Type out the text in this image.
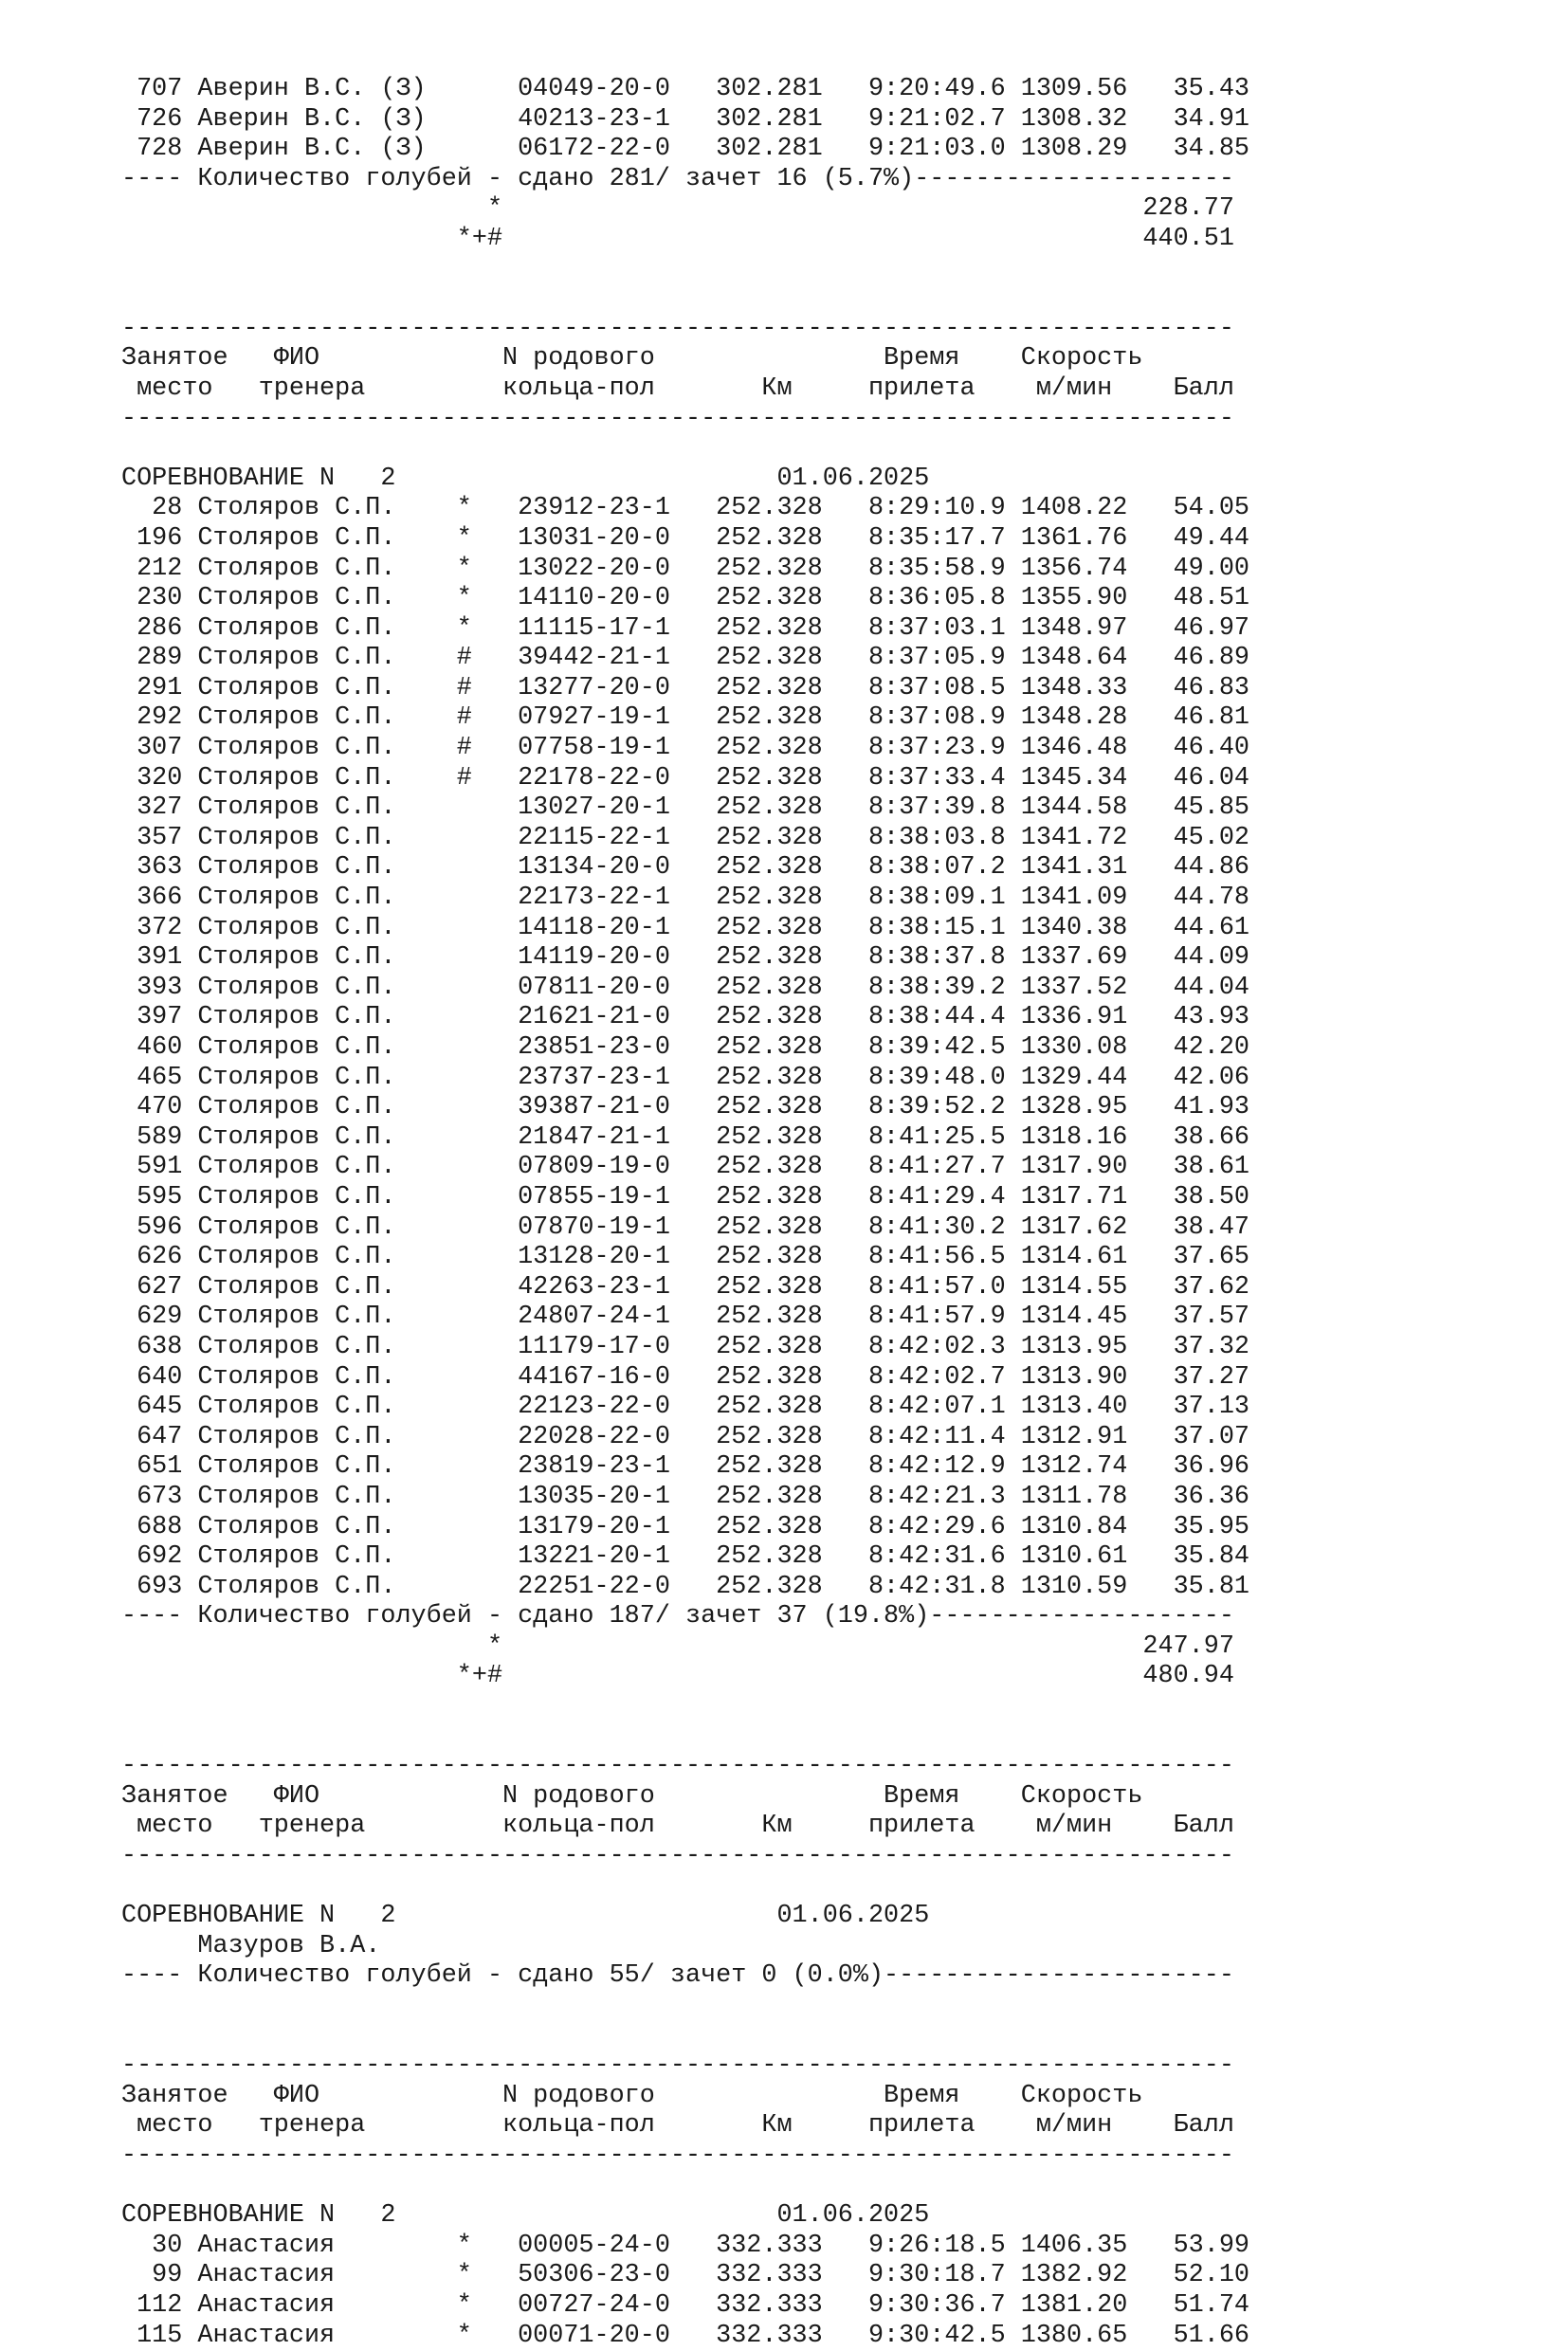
707 Аверин В.С. (З)      04049-20-0   302.281   9:20:49.6 1309.56   35.43
726 Аверин В.С. (З)      40213-23-1   302.281   9:21:02.7 1308.32   34.91
728 Аверин В.С. (З)      06172-22-0   302.281   9:21:03.0 1308.29   34.85
---- Количество голубей - сдано 281/ зачет 16 (5.7%)---------------------
*                                          228.77
*+#                                          440.51
-------------------------------------------------------------------------
Занятое   ФИО            N родового               Время    Скорость
место   тренера         кольца-пол       Км     прилета    м/мин    Балл
-------------------------------------------------------------------------
СОРЕВНОВАНИЕ N   2                         01.06.2025
28 Столяров С.П.    *   23912-23-1   252.328   8:29:10.9 1408.22   54.05
196 Столяров С.П.    *   13031-20-0   252.328   8:35:17.7 1361.76   49.44
212 Столяров С.П.    *   13022-20-0   252.328   8:35:58.9 1356.74   49.00
230 Столяров С.П.    *   14110-20-0   252.328   8:36:05.8 1355.90   48.51
286 Столяров С.П.    *   11115-17-1   252.328   8:37:03.1 1348.97   46.97
289 Столяров С.П.    #   39442-21-1   252.328   8:37:05.9 1348.64   46.89
291 Столяров С.П.    #   13277-20-0   252.328   8:37:08.5 1348.33   46.83
292 Столяров С.П.    #   07927-19-1   252.328   8:37:08.9 1348.28   46.81
307 Столяров С.П.    #   07758-19-1   252.328   8:37:23.9 1346.48   46.40
320 Столяров С.П.    #   22178-22-0   252.328   8:37:33.4 1345.34   46.04
327 Столяров С.П.        13027-20-1   252.328   8:37:39.8 1344.58   45.85
357 Столяров С.П.        22115-22-1   252.328   8:38:03.8 1341.72   45.02
363 Столяров С.П.        13134-20-0   252.328   8:38:07.2 1341.31   44.86
366 Столяров С.П.        22173-22-1   252.328   8:38:09.1 1341.09   44.78
372 Столяров С.П.        14118-20-1   252.328   8:38:15.1 1340.38   44.61
391 Столяров С.П.        14119-20-0   252.328   8:38:37.8 1337.69   44.09
393 Столяров С.П.        07811-20-0   252.328   8:38:39.2 1337.52   44.04
397 Столяров С.П.        21621-21-0   252.328   8:38:44.4 1336.91   43.93
460 Столяров С.П.        23851-23-0   252.328   8:39:42.5 1330.08   42.20
465 Столяров С.П.        23737-23-1   252.328   8:39:48.0 1329.44   42.06
470 Столяров С.П.        39387-21-0   252.328   8:39:52.2 1328.95   41.93
589 Столяров С.П.        21847-21-1   252.328   8:41:25.5 1318.16   38.66
591 Столяров С.П.        07809-19-0   252.328   8:41:27.7 1317.90   38.61
595 Столяров С.П.        07855-19-1   252.328   8:41:29.4 1317.71   38.50
596 Столяров С.П.        07870-19-1   252.328   8:41:30.2 1317.62   38.47
626 Столяров С.П.        13128-20-1   252.328   8:41:56.5 1314.61   37.65
627 Столяров С.П.        42263-23-1   252.328   8:41:57.0 1314.55   37.62
629 Столяров С.П.        24807-24-1   252.328   8:41:57.9 1314.45   37.57
638 Столяров С.П.        11179-17-0   252.328   8:42:02.3 1313.95   37.32
640 Столяров С.П.        44167-16-0   252.328   8:42:02.7 1313.90   37.27
645 Столяров С.П.        22123-22-0   252.328   8:42:07.1 1313.40   37.13
647 Столяров С.П.        22028-22-0   252.328   8:42:11.4 1312.91   37.07
651 Столяров С.П.        23819-23-1   252.328   8:42:12.9 1312.74   36.96
673 Столяров С.П.        13035-20-1   252.328   8:42:21.3 1311.78   36.36
688 Столяров С.П.        13179-20-1   252.328   8:42:29.6 1310.84   35.95
692 Столяров С.П.        13221-20-1   252.328   8:42:31.6 1310.61   35.84
693 Столяров С.П.        22251-22-0   252.328   8:42:31.8 1310.59   35.81
---- Количество голубей - сдано 187/ зачет 37 (19.8%)--------------------
*                                          247.97
*+#                                          480.94
-------------------------------------------------------------------------
Занятое   ФИО            N родового               Время    Скорость
место   тренера         кольца-пол       Км     прилета    м/мин    Балл
-------------------------------------------------------------------------
СОРЕВНОВАНИЕ N   2                         01.06.2025
Мазуров В.А.
---- Количество голубей - сдано 55/ зачет 0 (0.0%)-----------------------
-------------------------------------------------------------------------
Занятое   ФИО            N родового               Время    Скорость
место   тренера         кольца-пол       Км     прилета    м/мин    Балл
-------------------------------------------------------------------------
СОРЕВНОВАНИЕ N   2                         01.06.2025
30 Анастасия        *   00005-24-0   332.333   9:26:18.5 1406.35   53.99
99 Анастасия        *   50306-23-0   332.333   9:30:18.7 1382.92   52.10
112 Анастасия        *   00727-24-0   332.333   9:30:36.7 1381.20   51.74
115 Анастасия        *   00071-20-0   332.333   9:30:42.5 1380.65   51.66
